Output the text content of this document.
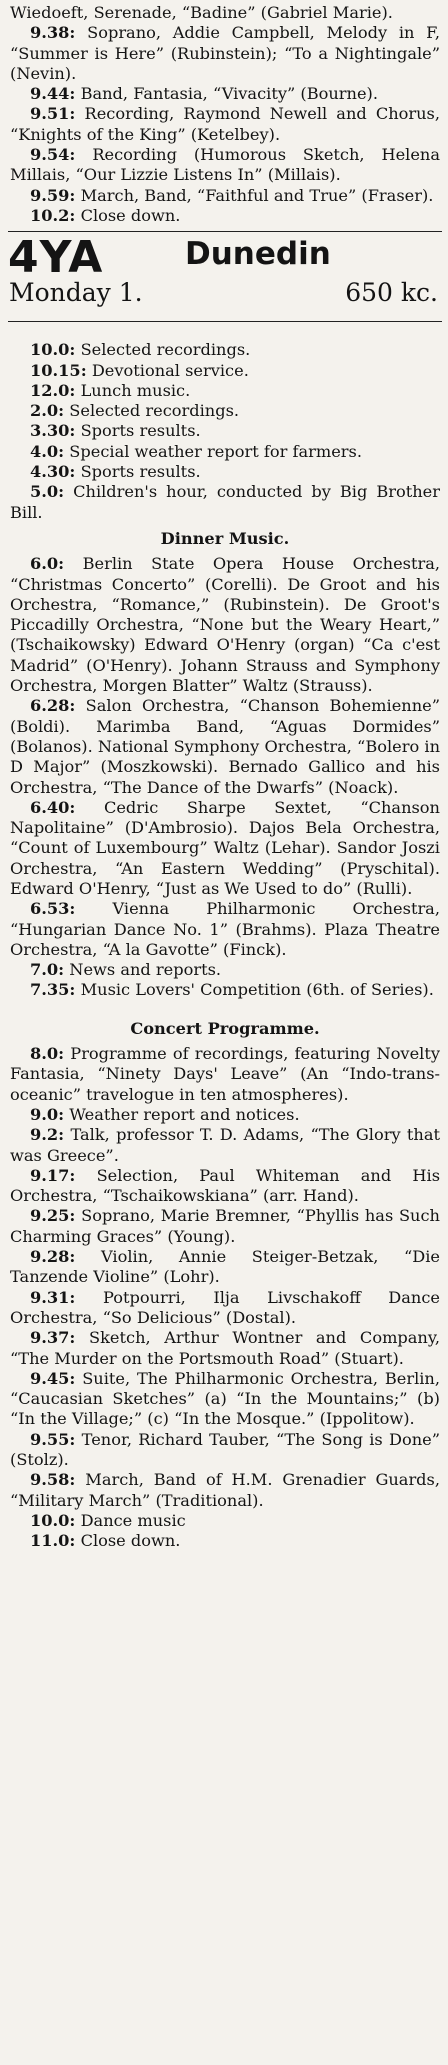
Wiedoeft, Serenade, “Badine” (Gabriel Marie).

9.38: Soprano, Addie Campbell, Melody in F, “Summer is Here” (Rubinstein); “To a Nightingale” (Nevin).

9.44: Band, Fantasia, “Vivacity” (Bourne).

9.51: Recording, Raymond Newell and Chorus, “Knights of the King” (Ketelbey).

9.54: Recording (Humorous Sketch, Helena Millais, “Our Lizzie Listens In” (Millais).

9.59: March, Band, “Faithful and True” (Fraser).

10.2: Close down.

4YA	Dunedin
Monday 1.	650 kc.

10.0: Selected recordings.

10.15: Devotional service.

12.0: Lunch music.

2.0: Selected recordings.

3.30: Sports results.

4.0: Special weather report for farmers.

4.30: Sports results.

5.0: Children's hour, conducted by Big Brother Bill.

Dinner Music.

6.0: Berlin State Opera House Orchestra, “Christmas Concerto” (Corelli). De Groot and his Orchestra, “Romance,” (Rubinstein). De Groot's Piccadilly Orchestra, “None but the Weary Heart,” (Tschaikowsky) Edward O'Henry (organ) “Ca c'est Madrid” (O'Henry). Johann Strauss and Symphony Orchestra, Morgen Blatter” Waltz (Strauss).

6.28: Salon Orchestra, “Chanson Bohemienne” (Boldi). Marimba Band, “Aguas Dormides” (Bolanos). National Symphony Orchestra, “Bolero in D Major” (Moszkowski). Bernado Gallico and his Orchestra, “The Dance of the Dwarfs” (Noack).

6.40: Cedric Sharpe Sextet, “Chanson Napolitaine” (D'Ambrosio). Dajos Bela Orchestra, “Count of Luxembourg” Waltz (Lehar). Sandor Joszi Orchestra, “An Eastern Wedding” (Pryschital). Edward O'Henry, “Just as We Used to do” (Rulli).

6.53: Vienna Philharmonic Orchestra, “Hungarian Dance No. 1” (Brahms). Plaza Theatre Orchestra, “A la Gavotte” (Finck).

7.0: News and reports.

7.35: Music Lovers' Competition (6th. of Series).

Concert Programme.

8.0: Programme of recordings, featuring Novelty Fantasia, “Ninety Days' Leave” (An “Indo-trans-oceanic” travelogue in ten atmospheres).

9.0: Weather report and notices.

9.2: Talk, professor T. D. Adams, “The Glory that was Greece”.

9.17: Selection, Paul Whiteman and His Orchestra, “Tschaikowskiana” (arr. Hand).

9.25: Soprano, Marie Bremner, “Phyllis has Such Charming Graces” (Young).

9.28: Violin, Annie Steiger-Betzak, “Die Tanzende Violine” (Lohr).

9.31: Potpourri, Ilja Livschakoff Dance Orchestra, “So Delicious” (Dostal).

9.37: Sketch, Arthur Wontner and Company, “The Murder on the Portsmouth Road” (Stuart).

9.45: Suite, The Philharmonic Orchestra, Berlin, “Caucasian Sketches” (a) “In the Mountains;” (b) “In the Village;” (c) “In the Mosque.” (Ippolitow).

9.55: Tenor, Richard Tauber, “The Song is Done” (Stolz).

9.58: March, Band of H.M. Grenadier Guards, “Military March” (Traditional).

10.0: Dance music

11.0: Close down.
